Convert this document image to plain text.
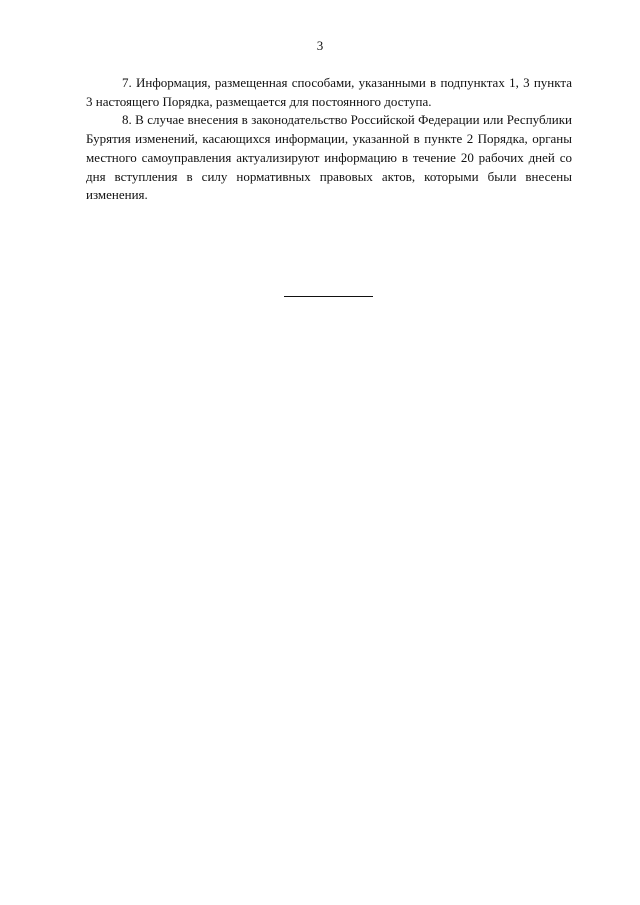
3

7. Информация, размещенная способами, указанными в подпунктах 1, 3 пункта 3 настоящего Порядка, размещается для постоянного доступа.

8. В случае внесения в законодательство Российской Федерации или Республики Бурятия изменений, касающихся информации, указанной в пункте 2 Порядка, органы местного самоуправления актуализируют информацию в течение 20 рабочих дней со дня вступления в силу нормативных правовых актов, которыми были внесены изменения.
